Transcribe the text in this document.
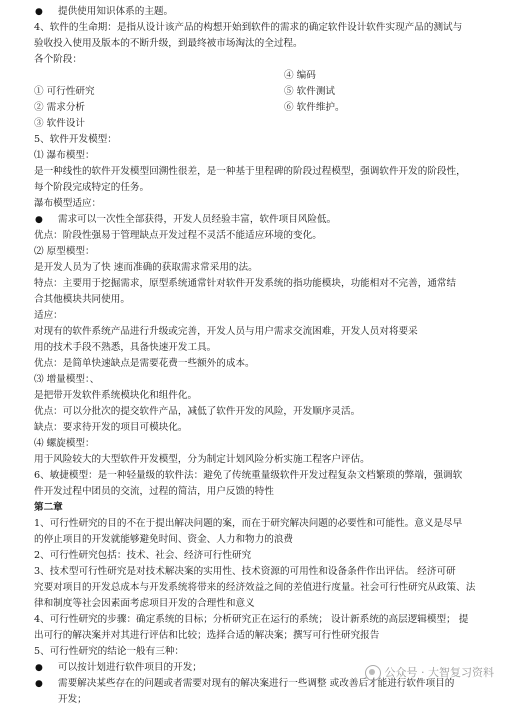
● 提供使用知识体系的主题。
4、软件的生命期：是指从设计该产品的构想开始到软件的需求的确定软件设计软件实现产品的测试与
验收投入使用及版本的不断升级，到最终被市场淘汰的全过程。
各个阶段：
④ 编码
① 可行性研究	⑤ 软件测试
② 需求分析	⑥ 软件维护。
③ 软件设计
5、软件开发模型：
⑴ 瀑布模型：
是一种线性的软件开发模型回溯性很差，是一种基于里程碑的阶段过程模型，强调软件开发的阶段性，
每个阶段完成特定的任务。
瀑布模型适应：
● 需求可以一次性全部获得，开发人员经验丰富，软件项目风险低。
优点：阶段性强易于管理缺点开发过程不灵活不能适应环境的变化。
⑵ 原型模型：
是开发人员为了快 速而准确的获取需求常采用的法。
特点：主要用于挖掘需求，原型系统通常针对软件开发系统的指功能模块，功能相对不完善，通常结
合其他模块共同使用。
适应：
对现有的软件系统产品进行升级或完善，开发人员与用户需求交流困难，开发人员对将要采
用的技术手段不熟悉，具备快速开发工具。
优点：是简单快速缺点是需要花费一些额外的成本。
⑶ 增量模型：、
是把带开发软件系统模块化和组件化。
优点：可以分批次的提交软件产品，减低了软件开发的风险，开发顺序灵活。
缺点：要求待开发的项目可模块化。
⑷ 螺旋模型：
用于风险较大的大型软件开发模型，分为制定计划风险分析实施工程客户评估。
6、敏捷模型：是一种轻量级的软件法：避免了传统重量级软件开发过程复杂文档繁琐的弊端，强调软
件开发过程中团员的交流，过程的简洁，用户反馈的特性
第二章
1、可行性研究的目的不在于提出解决问题的案，而在于研究解决问题的必要性和可能性。意义是尽早
的停止项目的开发就能够避免时间、资金、人力和物力的浪费
2、可行性研究包括：技术、社会、经济可行性研究
3、技术型可行性研究是对技术解决案的实用性、技术资源的可用性和设备条件作出评估。 经济可研
究要对项目的开发总成本与开发系统将带来的经济效益之间的差值进行度量。社会可行性研究从政策、法
律和制度等社会因素面考虑项目开发的合理性和意义
4、可行性研究的步骤：确定系统的目标；分析研究正在运行的系统； 设计新系统的高层逻辑模型； 提
出可行的解决案并对其进行评估和比较；选择合适的解决案；撰写可行性研究报告
5、可行性研究的结论一般有三种：
● 可以按计划进行软件项目的开发；
● 需要解决某些存在的问题或者需要对现有的解决案进行一些调整 或改善后才能进行软件项目的
开发；
公众号 · 大智复习资料
